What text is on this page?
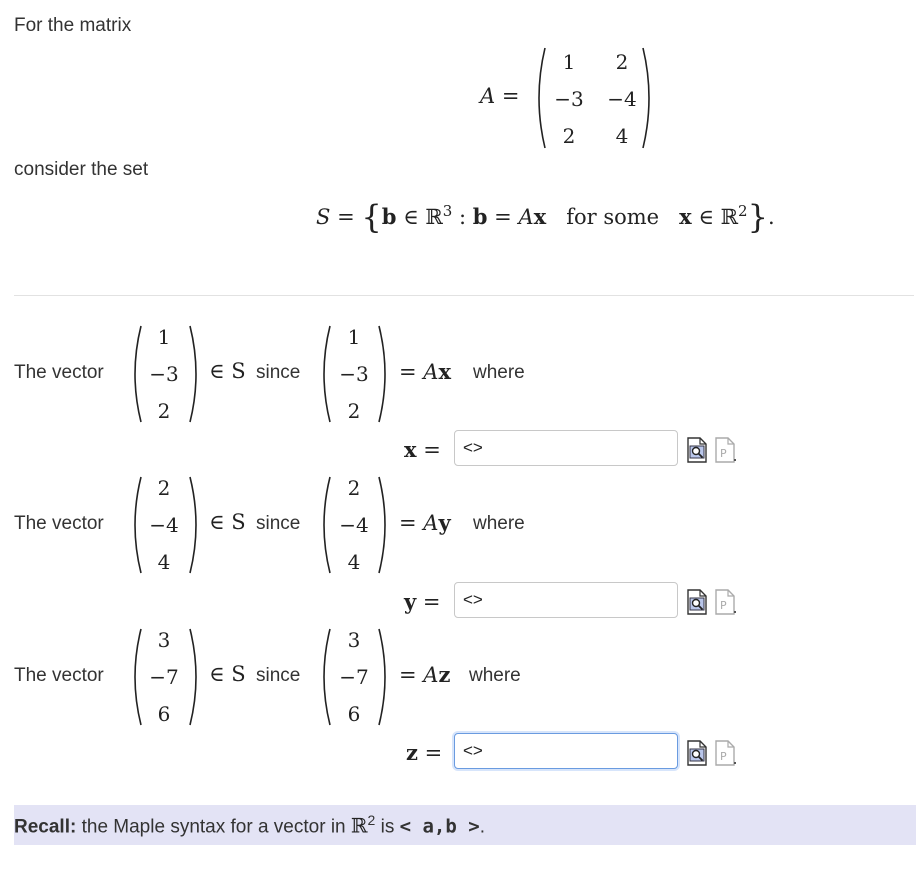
For the matrix
A =
1	2
−3	−4
2	4
consider the set
S = {b ∈ ℝ$^3$ : b = Ax for some x ∈ ℝ$^2$}.
The vector
1
−3
2
∈ S since
1
−3
2
= Ax where
x =
<>	P
The vector
2
−4
4
∈ S since
2
−4
4
= Ay where
y =
<>	P
The vector
3
−7
6
∈ S since
3
−7
6
= Az where
z =
<>	P
Recall: the Maple syntax for a vector in ℝ$^2$ is < a,b >.
